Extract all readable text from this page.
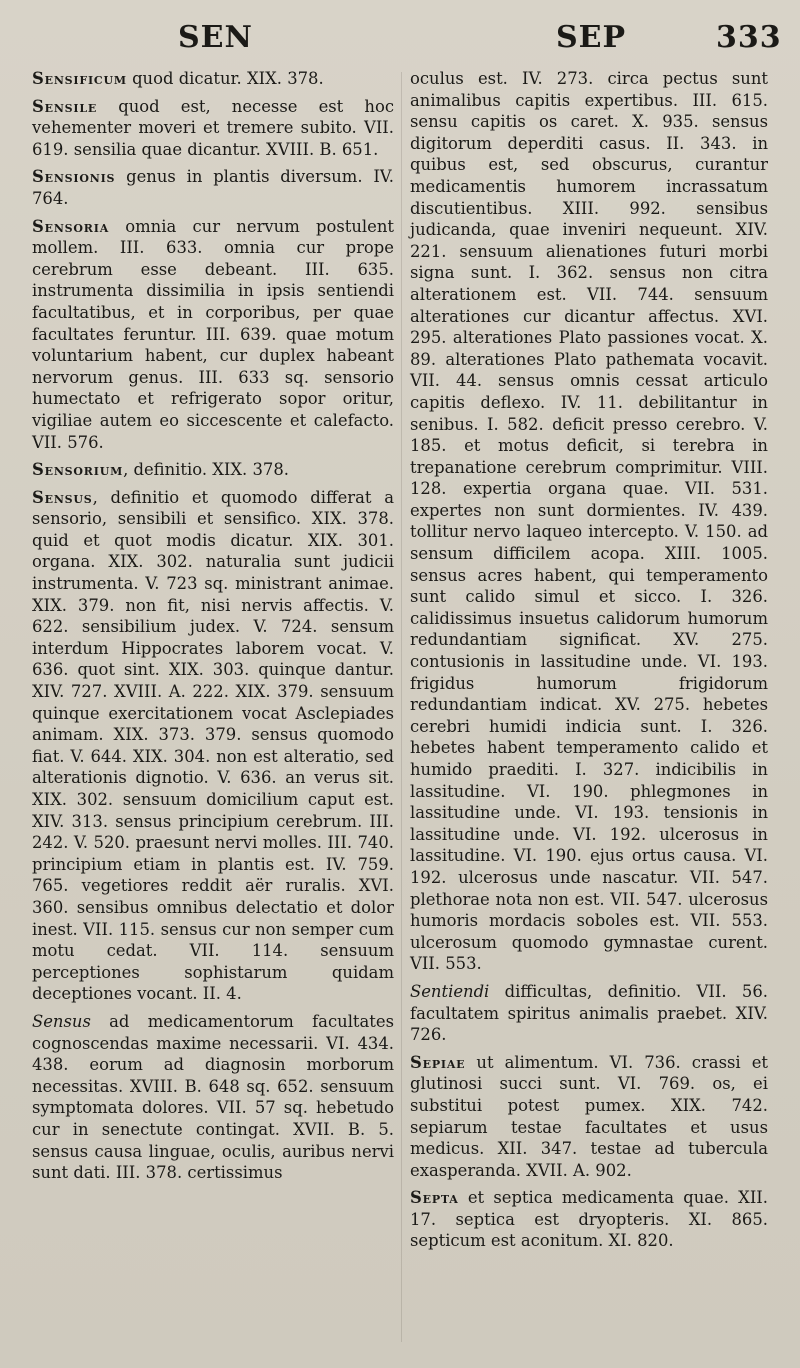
SEN	SEP	333

Sensificum quod dicatur. XIX. 378.

Sensile quod est, necesse est hoc vehementer moveri et tremere subito. VII. 619. sensilia quae dicantur. XVIII. B. 651.

Sensionis genus in plantis diversum. IV. 764.

Sensoria omnia cur nervum postulent mollem. III. 633. omnia cur prope cerebrum esse debeant. III. 635. instrumenta dissimilia in ipsis sentiendi facultatibus, et in corporibus, per quae facultates feruntur. III. 639. quae motum voluntarium habent, cur duplex habeant nervorum genus. III. 633 sq. sensorio humectato et refrigerato sopor oritur, vigiliae autem eo siccescente et calefacto. VII. 576.

Sensorium, definitio. XIX. 378.

Sensus, definitio et quomodo differat a sensorio, sensibili et sensifico. XIX. 378. quid et quot modis dicatur. XIX. 301. organa. XIX. 302. naturalia sunt judicii instrumenta. V. 723 sq. ministrant animae. XIX. 379. non fit, nisi nervis affectis. V. 622. sensibilium judex. V. 724. sensum interdum Hippocrates laborem vocat. V. 636. quot sint. XIX. 303. quinque dantur. XIV. 727. XVIII. A. 222. XIX. 379. sensuum quinque exercitationem vocat Asclepiades animam. XIX. 373. 379. sensus quomodo fiat. V. 644. XIX. 304. non est alteratio, sed alterationis dignotio. V. 636. an verus sit. XIX. 302. sensuum domicilium caput est. XIV. 313. sensus principium cerebrum. III. 242. V. 520. praesunt nervi molles. III. 740. principium etiam in plantis est. IV. 759. 765. vegetiores reddit aër ruralis. XVI. 360. sensibus omnibus delectatio et dolor inest. VII. 115. sensus cur non semper cum motu cedat. VII. 114. sensuum perceptiones sophistarum quidam deceptiones vocant. II. 4.

Sensus ad medicamentorum facultates cognoscendas maxime necessarii. VI. 434. 438. eorum ad diagnosin morborum necessitas. XVIII. B. 648 sq. 652. sensuum symptomata dolores. VII. 57 sq. hebetudo cur in senectute contingat. XVII. B. 5. sensus causa linguae, oculis, auribus nervi sunt dati. III. 378. certissimus

oculus est. IV. 273. circa pectus sunt animalibus capitis expertibus. III. 615. sensu capitis os caret. X. 935. sensus digitorum deperditi casus. II. 343. in quibus est, sed obscurus, curantur medicamentis humorem incrassatum discutientibus. XIII. 992. sensibus judicanda, quae inveniri nequeunt. XIV. 221. sensuum alienationes futuri morbi signa sunt. I. 362. sensus non citra alterationem est. VII. 744. sensuum alterationes cur dicantur affectus. XVI. 295. alterationes Plato passiones vocat. X. 89. alterationes Plato pathemata vocavit. VII. 44. sensus omnis cessat articulo capitis deflexo. IV. 11. debilitantur in senibus. I. 582. deficit presso cerebro. V. 185. et motus deficit, si terebra in trepanatione cerebrum comprimitur. VIII. 128. expertia organa quae. VII. 531. expertes non sunt dormientes. IV. 439. tollitur nervo laqueo intercepto. V. 150. ad sensum difficilem acopa. XIII. 1005. sensus acres habent, qui temperamento sunt calido simul et sicco. I. 326. calidissimus insuetus calidorum humorum redundantiam significat. XV. 275. contusionis in lassitudine unde. VI. 193. frigidus humorum frigidorum redundantiam indicat. XV. 275. hebetes cerebri humidi indicia sunt. I. 326. hebetes habent temperamento calido et humido praediti. I. 327. indicibilis in lassitudine. VI. 190. phlegmones in lassitudine unde. VI. 193. tensionis in lassitudine unde. VI. 192. ulcerosus in lassitudine. VI. 190. ejus ortus causa. VI. 192. ulcerosus unde nascatur. VII. 547. plethorae nota non est. VII. 547. ulcerosus humoris mordacis soboles est. VII. 553. ulcerosum quomodo gymnastae curent. VII. 553.

Sentiendi difficultas, definitio. VII. 56. facultatem spiritus animalis praebet. XIV. 726.

Sepiae ut alimentum. VI. 736. crassi et glutinosi succi sunt. VI. 769. os, ei substitui potest pumex. XIX. 742. sepiarum testae facultates et usus medicus. XII. 347. testae ad tubercula exasperanda. XVII. A. 902.

Septa et septica medicamenta quae. XII. 17. septica est dryopteris. XI. 865. septicum est aconitum. XI. 820.
